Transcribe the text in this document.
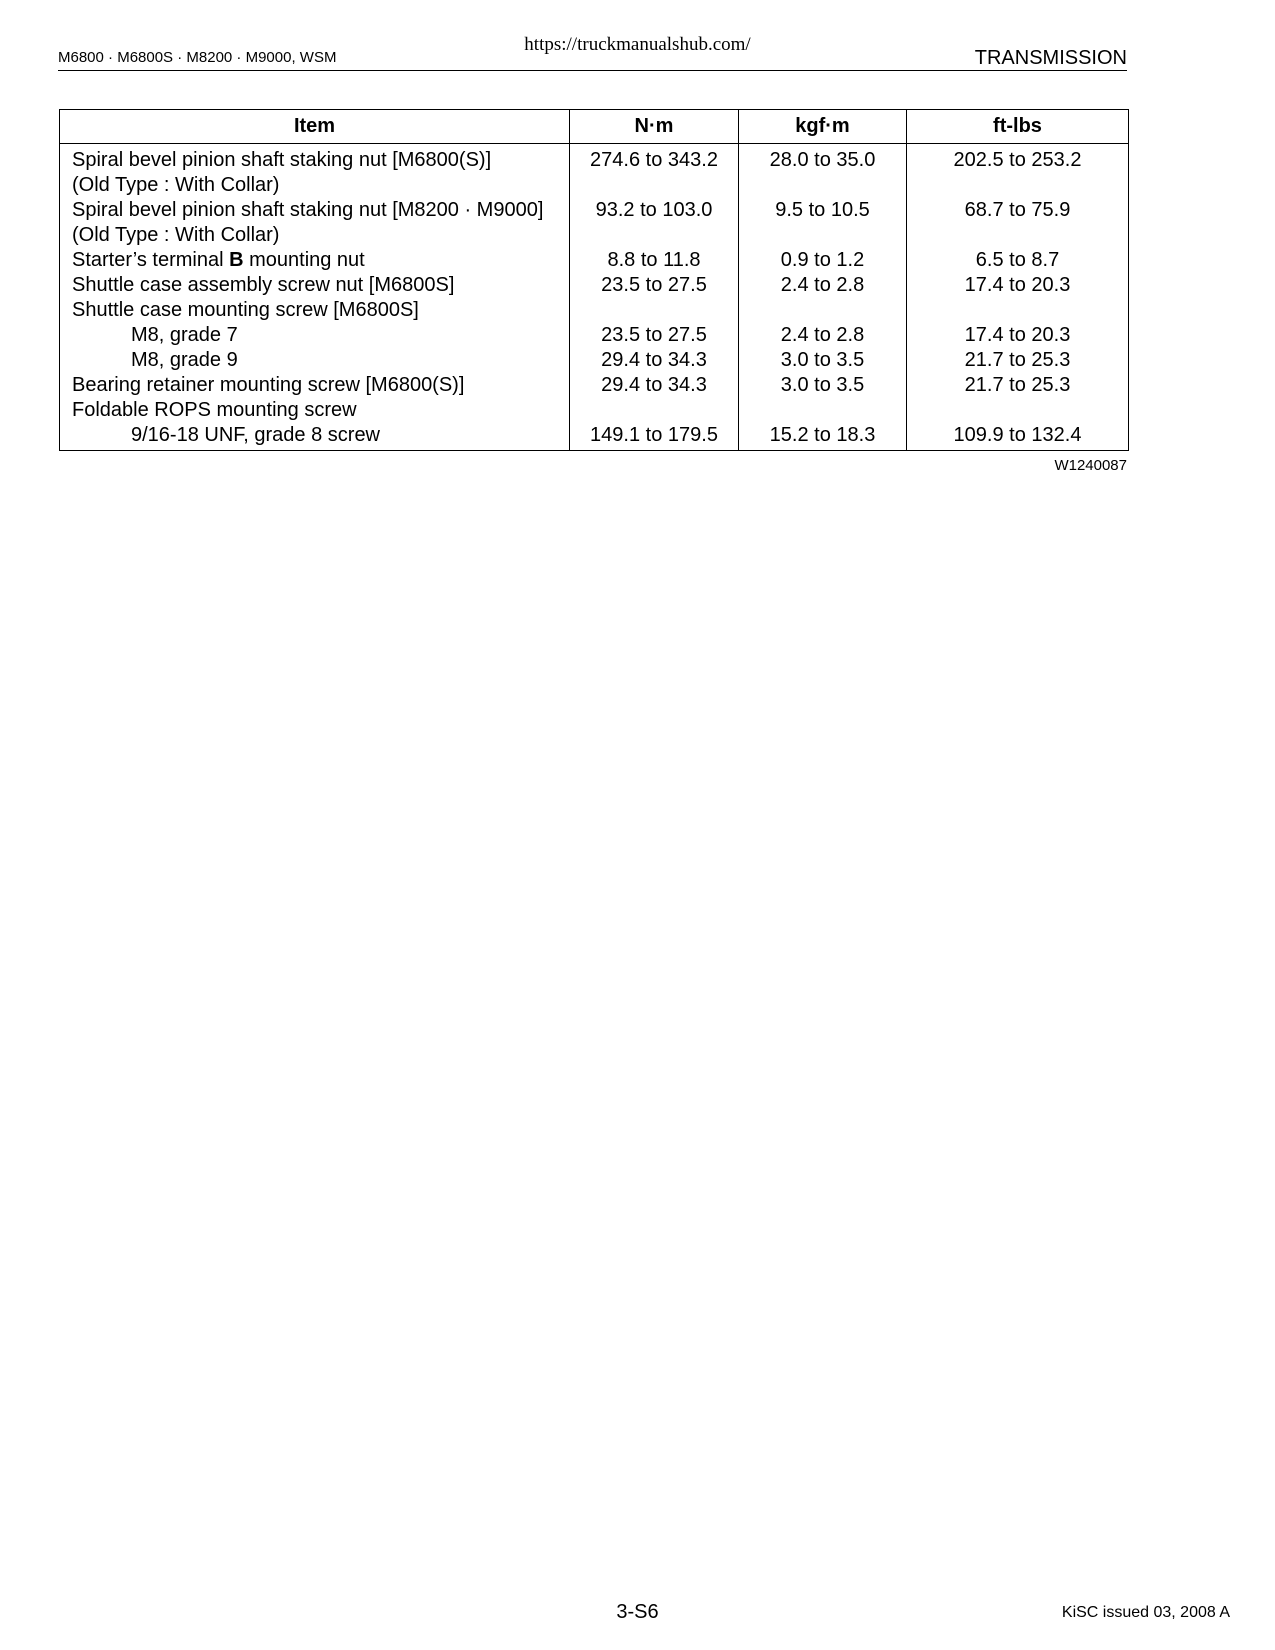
https://truckmanualshub.com/
M6800 · M6800S · M8200 · M9000, WSM	TRANSMISSION
Item	N·m	kgf·m	ft-lbs
Spiral bevel pinion shaft staking nut [M6800(S)]	274.6 to 343.2	28.0 to 35.0	202.5 to 253.2
(Old Type : With Collar)			
Spiral bevel pinion shaft staking nut [M8200 · M9000]	93.2 to 103.0	9.5 to 10.5	68.7 to 75.9
(Old Type : With Collar)			
Starter’s terminal B mounting nut	8.8 to 11.8	0.9 to 1.2	6.5 to 8.7
Shuttle case assembly screw nut [M6800S]	23.5 to 27.5	2.4 to 2.8	17.4 to 20.3
Shuttle case mounting screw [M6800S]			
M8, grade 7	23.5 to 27.5	2.4 to 2.8	17.4 to 20.3
M8, grade 9	29.4 to 34.3	3.0 to 3.5	21.7 to 25.3
Bearing retainer mounting screw [M6800(S)]	29.4 to 34.3	3.0 to 3.5	21.7 to 25.3
Foldable ROPS mounting screw			
9/16-18 UNF, grade 8 screw	149.1 to 179.5	15.2 to 18.3	109.9 to 132.4
W1240087
3-S6	KiSC issued 03, 2008 A
